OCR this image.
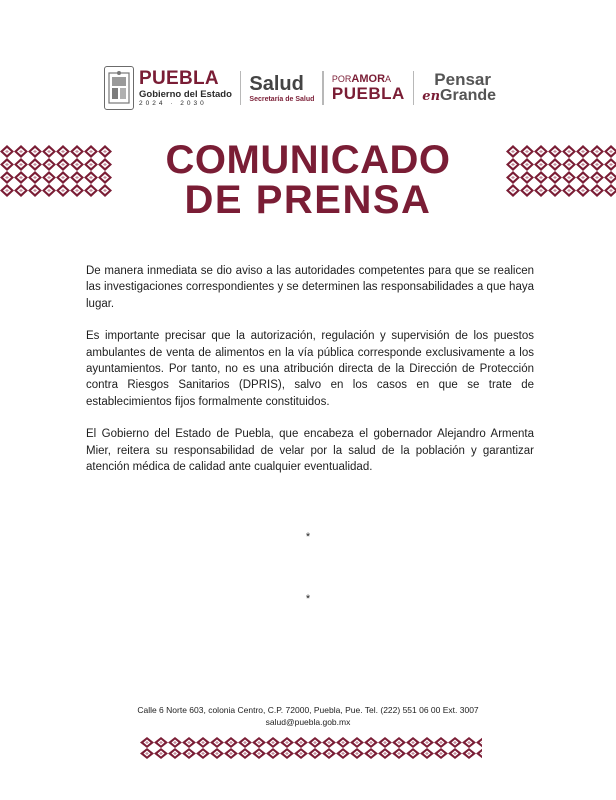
PUEBLA
Gobierno del Estado
2024 · 2030
Salud
Secretaría de Salud
PORAMORA
PUEBLA
Pensar
enGrande
COMUNICADO
DE PRENSA

De manera inmediata se dio aviso a las autoridades competentes para que se realicen las investigaciones correspondientes y se determinen las responsabilidades a que haya lugar.

Es importante precisar que la autorización, regulación y supervisión de los puestos ambulantes de venta de alimentos en la vía pública corresponde exclusivamente a los ayuntamientos. Por tanto, no es una atribución directa de la Dirección de Protección contra Riesgos Sanitarios (DPRIS), salvo en los casos en que se trate de establecimientos fijos formalmente constituidos.

El Gobierno del Estado de Puebla, que encabeza el gobernador Alejandro Armenta Mier, reitera su responsabilidad de velar por la salud de la población y garantizar atención médica de calidad ante cualquier eventualidad.

*
*
Calle 6 Norte 603, colonia Centro, C.P. 72000, Puebla, Pue. Tel. (222) 551 06 00 Ext. 3007
salud@puebla.gob.mx
